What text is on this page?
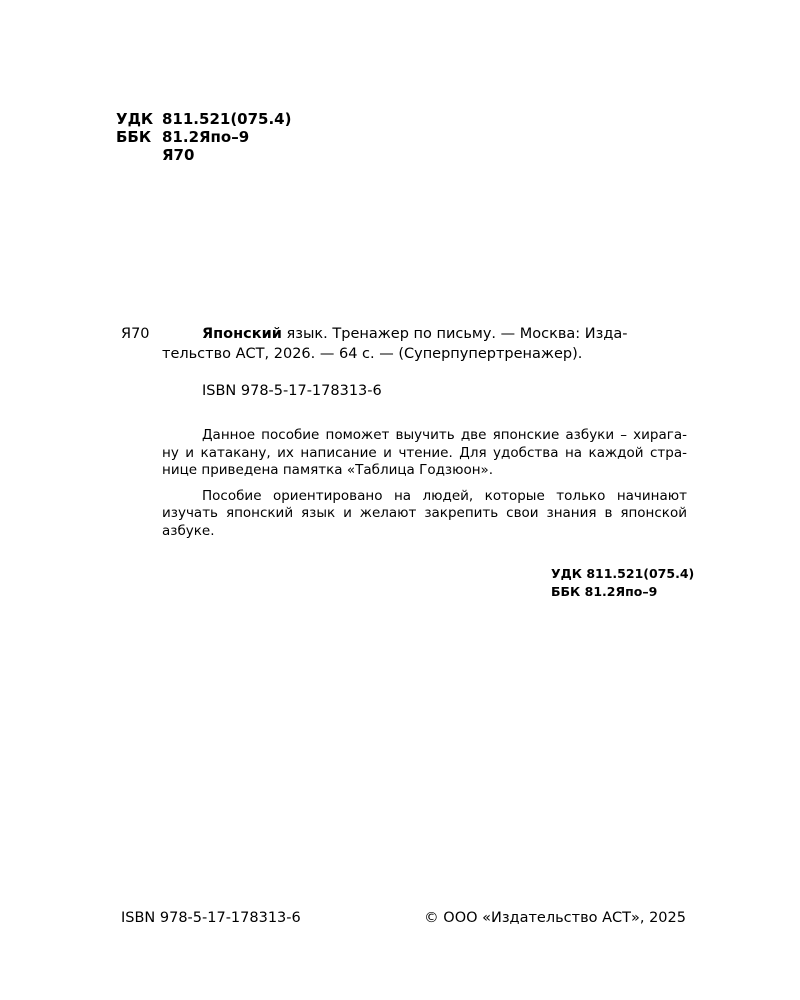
УДК 811.521(075.4)
ББК 81.2Япо–9
Я70
Я70	Японский язык. Тренажер по письму. — Москва: Изда-
тельство АСТ, 2026. — 64 с. — (Суперпупертренажер).
ISBN 978-5-17-178313-6
Данное пособие поможет выучить две японские азбуки – хирага-
ну и катакану, их написание и чтение. Для удобства на каждой стра-
нице приведена памятка «Таблица Годзюон».
Пособие ориентировано на людей, которые только начинают
изучать японский язык и желают закрепить свои знания в японской
азбуке.
УДК 811.521(075.4)
ББК 81.2Япо–9
ISBN 978-5-17-178313-6	© ООО «Издательство АСТ», 2025
